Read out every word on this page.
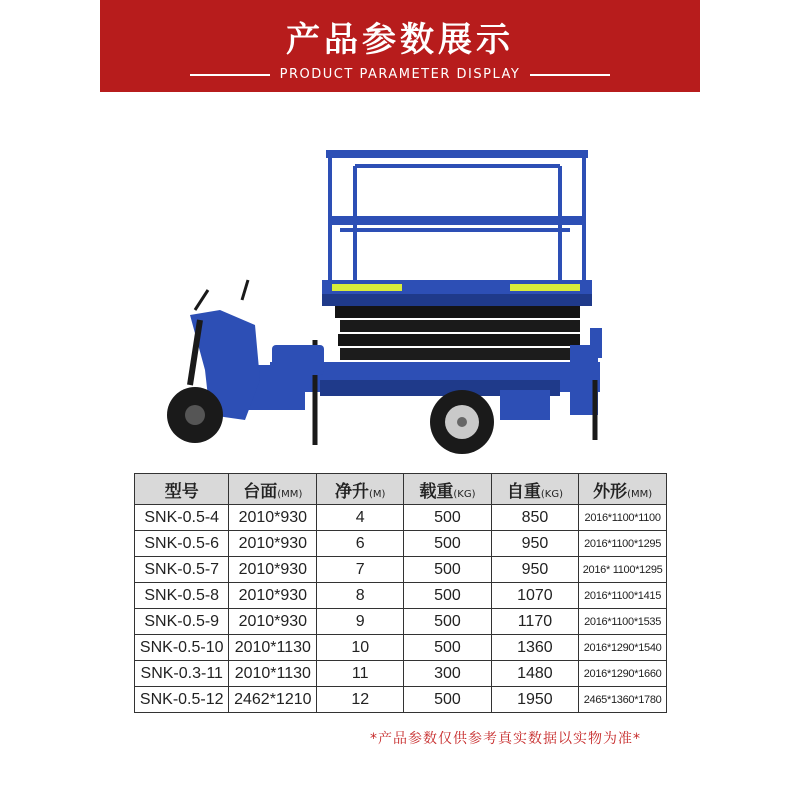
产品参数展示
PRODUCT PARAMETER DISPLAY
型号	台面(MM)	净升(M)	载重(KG)	自重(KG)	外形(MM)
SNK-0.5-4	2010*930	4	500	850	2016*1100*1100
SNK-0.5-6	2010*930	6	500	950	2016*1100*1295
SNK-0.5-7	2010*930	7	500	950	2016* 1100*1295
SNK-0.5-8	2010*930	8	500	1070	2016*1100*1415
SNK-0.5-9	2010*930	9	500	1170	2016*1100*1535
SNK-0.5-10	2010*1130	10	500	1360	2016*1290*1540
SNK-0.3-11	2010*1130	11	300	1480	2016*1290*1660
SNK-0.5-12	2462*1210	12	500	1950	2465*1360*1780
*产品参数仅供参考真实数据以实物为准*
